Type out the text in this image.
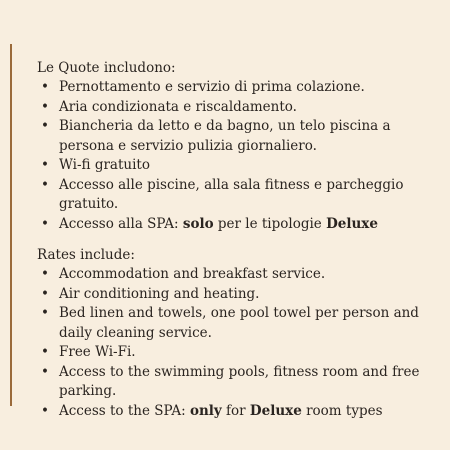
Le Quote includono:

• Pernottamento e servizio di prima colazione.
• Aria condizionata e riscaldamento.
• Biancheria da letto e da bagno, un telo piscina a persona e servizio pulizia giornaliero.
• Wi-fi gratuito
• Accesso alle piscine, alla sala fitness e parcheggio gratuito.
• Accesso alla SPA: solo per le tipologie Deluxe

Rates include:

• Accommodation and breakfast service.
• Air conditioning and heating.
• Bed linen and towels, one pool towel per person and daily cleaning service.
• Free Wi-Fi.
• Access to the swimming pools, fitness room and free parking.
• Access to the SPA: only for Deluxe room types
